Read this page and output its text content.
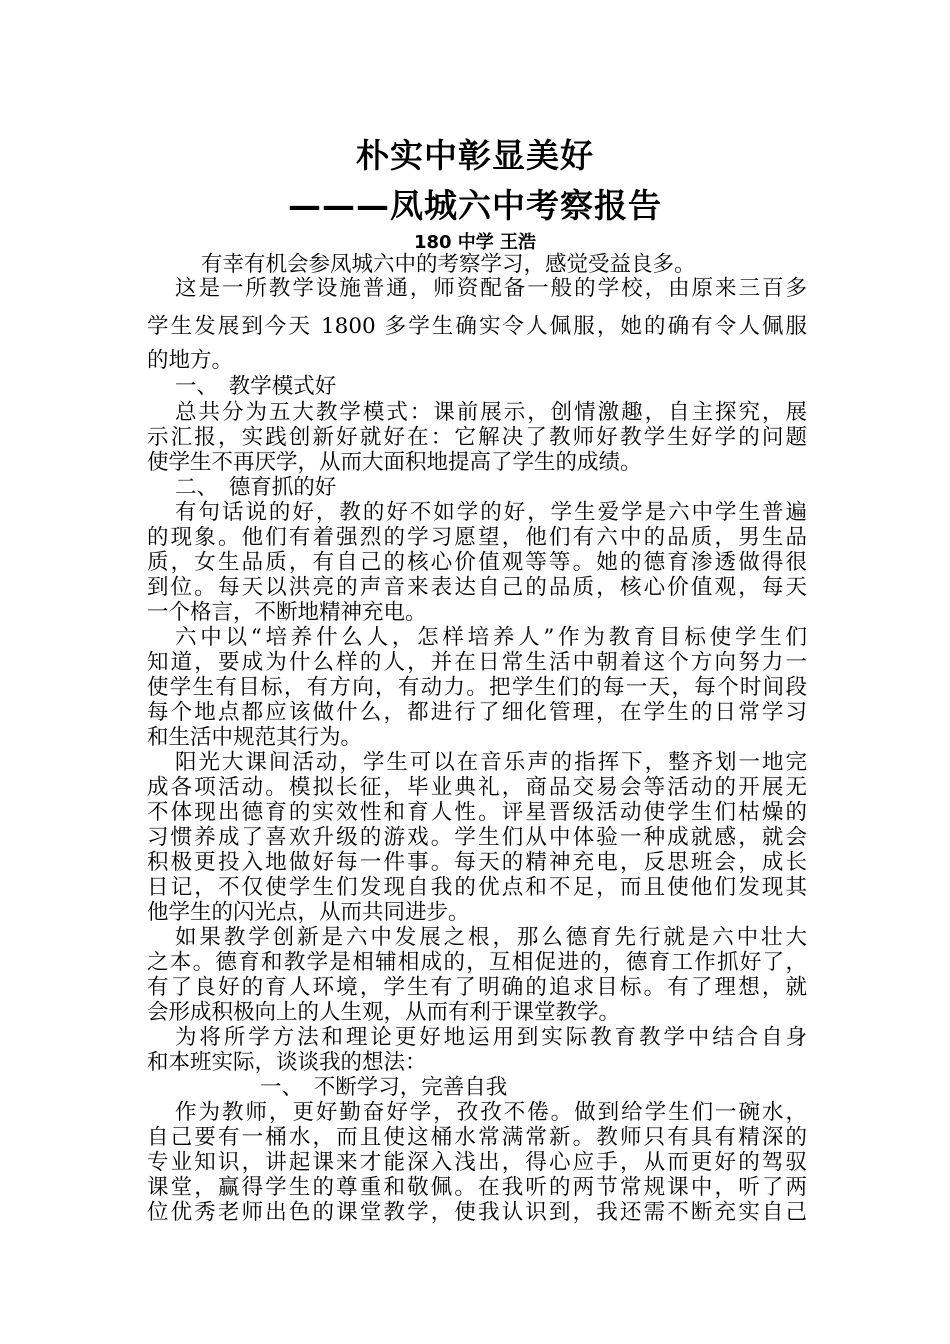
朴实中彰显美好
———凤城六中考察报告
180 中学 王浩
有幸有机会参凤城六中的考察学习，感觉受益良多。
这是一所教学设施普通，师资配备一般的学校，由原来三百多
学生发展到今天 1800 多学生确实令人佩服，她的确有令人佩服
的地方。
一、　教学模式好
总共分为五大教学模式：课前展示，创情激趣，自主探究，展
示汇报，实践创新好就好在：它解决了教师好教学生好学的问题
使学生不再厌学，从而大面积地提高了学生的成绩。
二、　德育抓的好
有句话说的好，教的好不如学的好，学生爱学是六中学生普遍
的现象。他们有着强烈的学习愿望，他们有六中的品质，男生品
质，女生品质，有自己的核心价值观等等。她的德育渗透做得很
到位。每天以洪亮的声音来表达自己的品质，核心价值观，每天
一个格言，不断地精神充电。
六中以“培养什么人，怎样培养人”作为教育目标使学生们
知道，要成为什么样的人，并在日常生活中朝着这个方向努力一
使学生有目标，有方向，有动力。把学生们的每一天，每个时间段
每个地点都应该做什么，都进行了细化管理，在学生的日常学习
和生活中规范其行为。
阳光大课间活动，学生可以在音乐声的指挥下，整齐划一地完
成各项活动。模拟长征，毕业典礼，商品交易会等活动的开展无
不体现出德育的实效性和育人性。评星晋级活动使学生们枯燥的
习惯养成了喜欢升级的游戏。学生们从中体验一种成就感，就会
积极更投入地做好每一件事。每天的精神充电，反思班会，成长
日记，不仅使学生们发现自我的优点和不足，而且使他们发现其
他学生的闪光点，从而共同进步。
如果教学创新是六中发展之根，那么德育先行就是六中壮大
之本。德育和教学是相辅相成的，互相促进的，德育工作抓好了，
有了良好的育人环境，学生有了明确的追求目标。有了理想，就
会形成积极向上的人生观，从而有利于课堂教学。
为将所学方法和理论更好地运用到实际教育教学中结合自身
和本班实际，谈谈我的想法：
一、　不断学习，完善自我
作为教师，更好勤奋好学，孜孜不倦。做到给学生们一碗水，
自己要有一桶水，而且使这桶水常满常新。教师只有具有精深的
专业知识，讲起课来才能深入浅出，得心应手，从而更好的驾驭
课堂，赢得学生的尊重和敬佩。在我听的两节常规课中，听了两
位优秀老师出色的课堂教学，使我认识到，我还需不断充实自己
